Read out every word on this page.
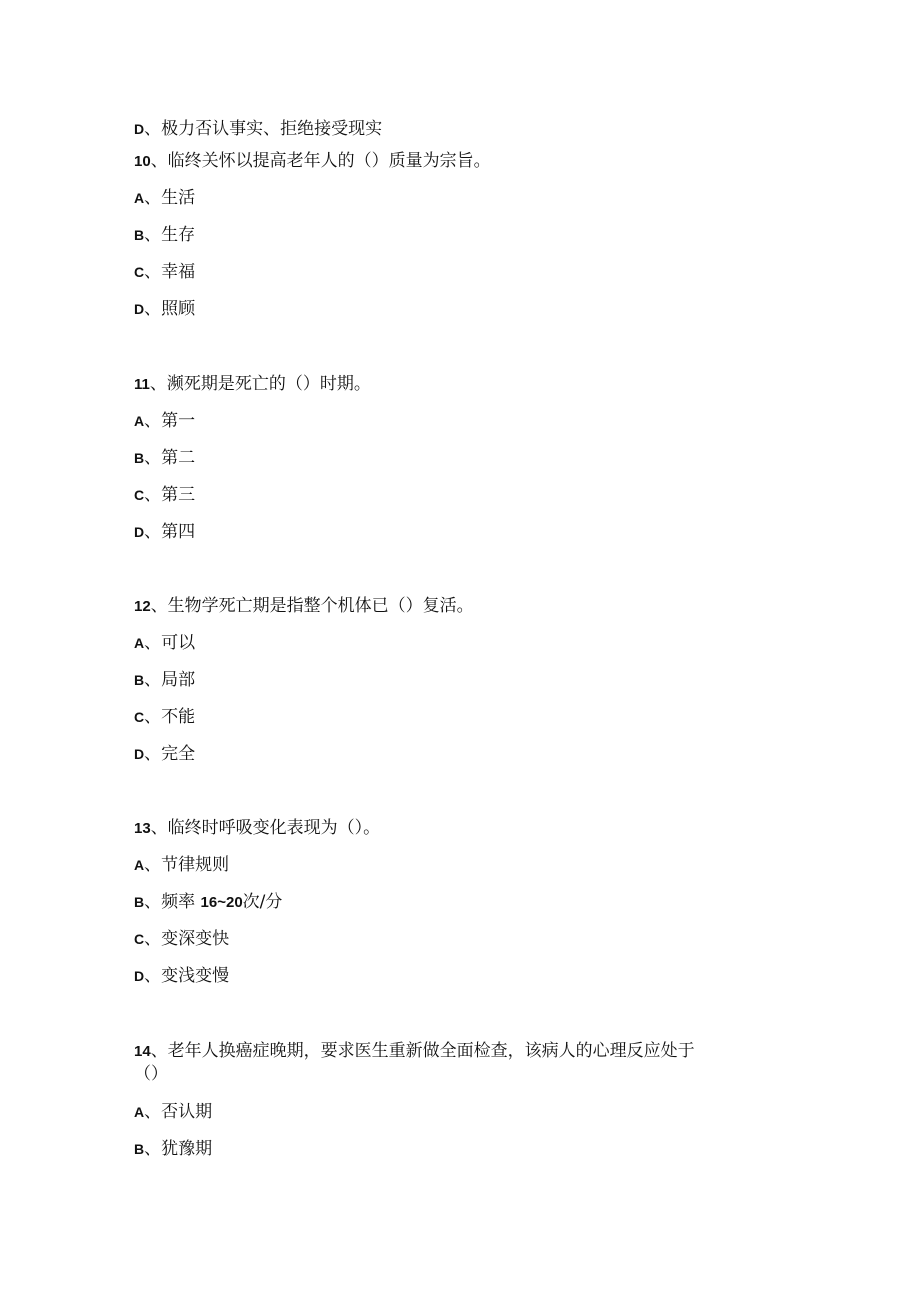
D、极力否认事实、拒绝接受现实
10、临终关怀以提高老年人的（）质量为宗旨。
A、生活
B、生存
C、幸福
D、照顾
11、濒死期是死亡的（）时期。
A、第一
B、第二
C、第三
D、第四
12、生物学死亡期是指整个机体已（）复活。
A、可以
B、局部
C、不能
D、完全
13、临终时呼吸变化表现为（）。
A、节律规则
B、频率 16~20次/分
C、变深变快
D、变浅变慢
14、老年人换癌症晚期，要求医生重新做全面检查，该病人的心理反应处于
（）
A、否认期
B、犹豫期
